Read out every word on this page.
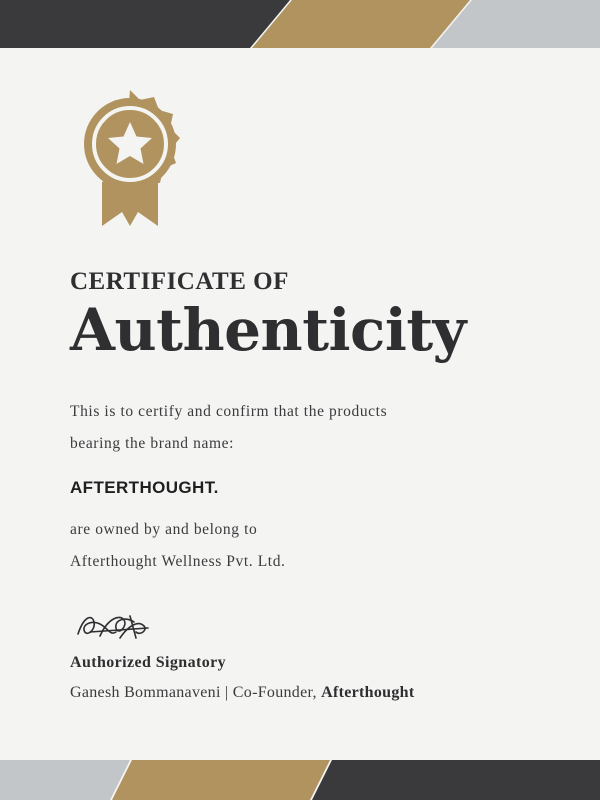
CERTIFICATE OF
Authenticity
This is to certify and confirm that the products
bearing the brand name:
AFTERTHOUGHT.
are owned by and belong to
Afterthought Wellness Pvt. Ltd.
Authorized Signatory
Ganesh Bommanaveni | Co-Founder, Afterthought
